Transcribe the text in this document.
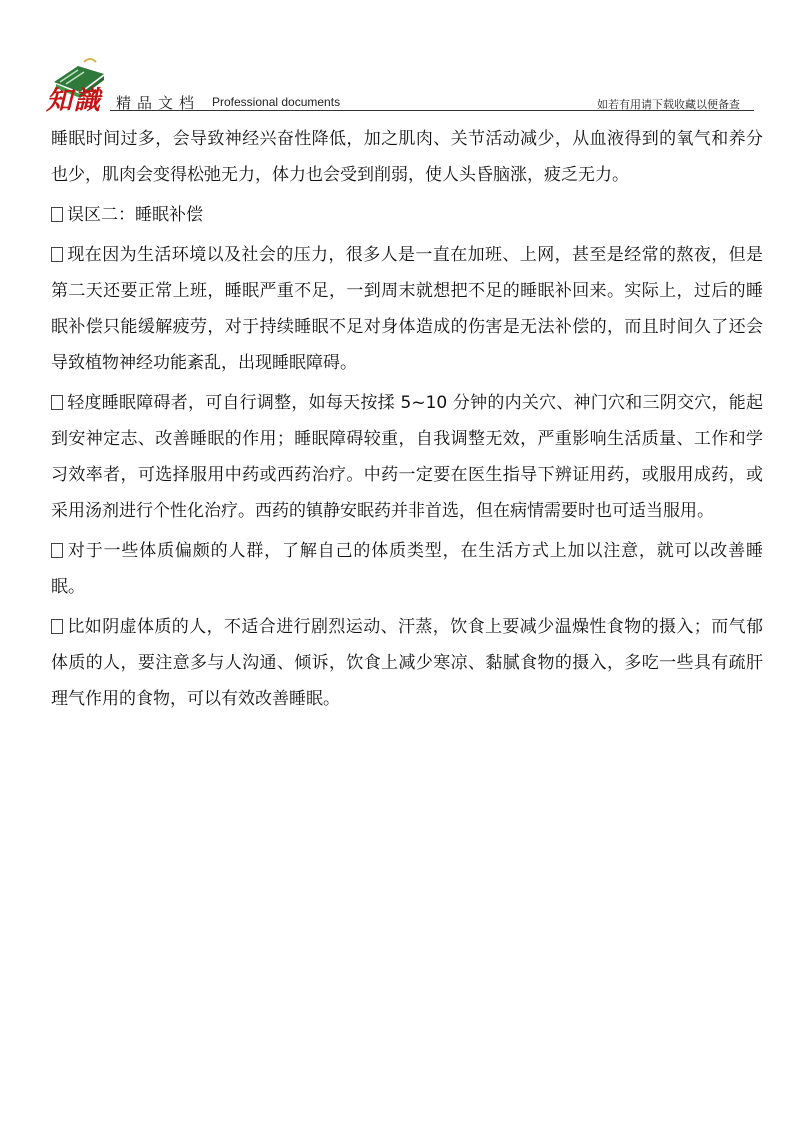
知識 精品文档 Professional documents	如若有用请下载收藏以便备查

睡眠时间过多，会导致神经兴奋性降低，加之肌肉、关节活动减少，从血液得到的氧气和养分也少，肌肉会变得松弛无力，体力也会受到削弱，使人头昏脑涨，疲乏无力。

误区二：睡眠补偿

现在因为生活环境以及社会的压力，很多人是一直在加班、上网，甚至是经常的熬夜，但是第二天还要正常上班，睡眠严重不足，一到周末就想把不足的睡眠补回来。实际上，过后的睡眠补偿只能缓解疲劳，对于持续睡眠不足对身体造成的伤害是无法补偿的，而且时间久了还会导致植物神经功能紊乱，出现睡眠障碍。

轻度睡眠障碍者，可自行调整，如每天按揉 5~10 分钟的内关穴、神门穴和三阴交穴，能起到安神定志、改善睡眠的作用；睡眠障碍较重，自我调整无效，严重影响生活质量、工作和学习效率者，可选择服用中药或西药治疗。中药一定要在医生指导下辨证用药，或服用成药，或采用汤剂进行个性化治疗。西药的镇静安眠药并非首选，但在病情需要时也可适当服用。

对于一些体质偏颇的人群，了解自己的体质类型，在生活方式上加以注意，就可以改善睡眠。

比如阴虚体质的人，不适合进行剧烈运动、汗蒸，饮食上要减少温燥性食物的摄入；而气郁体质的人，要注意多与人沟通、倾诉，饮食上减少寒凉、黏腻食物的摄入，多吃一些具有疏肝理气作用的食物，可以有效改善睡眠。
